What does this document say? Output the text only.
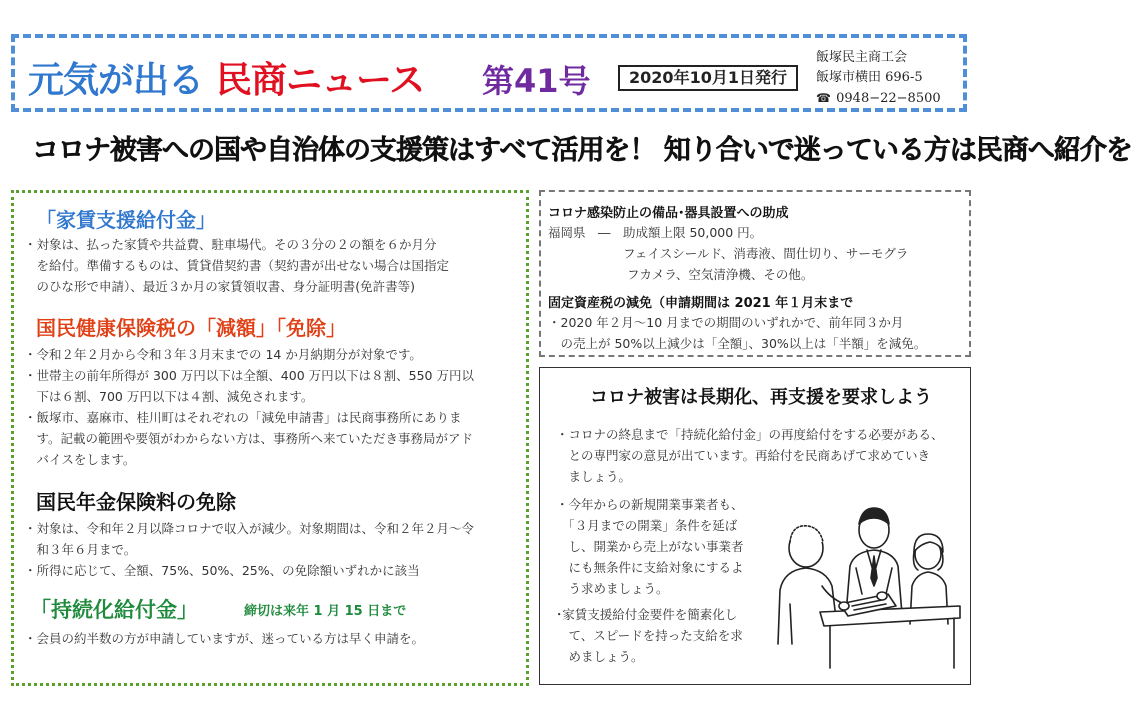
元気が出る 民商ニュース 第41号	2020年10月1日発行
飯塚民主商工会
飯塚市横田 696-5
☎ 0948−22−8500
コロナ被害への国や自治体の支援策はすべて活用を！ 知り合いで迷っている方は民商へ紹介を
「家賃支援給付金」

・対象は、払った家賃や共益費、駐車場代。その３分の２の額を６か月分

　を給付。準備するものは、賃貸借契約書（契約書が出せない場合は国指定

　のひな形で申請）、最近３か月の家賃領収書、身分証明書(免許書等)

国民健康保険税の「減額」「免除」

・令和２年２月から令和３年３月末までの 14 か月納期分が対象です。

・世帯主の前年所得が 300 万円以下は全額、400 万円以下は８割、550 万円以

　下は６割、700 万円以下は４割、減免されます。

・飯塚市、嘉麻市、桂川町はそれぞれの「減免申請書」は民商事務所にありま

　す。記載の範囲や要領がわからない方は、事務所へ来ていただき事務局がアド

　バイスをします。

国民年金保険料の免除

・対象は、令和年２月以降コロナで収入が減少。対象期間は、令和２年２月〜令

　和３年６月まで。

・所得に応じて、全額、75%、50%、25%、の免除額いずれかに該当

「持続化給付金」	締切は来年 1 月 15 日まで

・会員の約半数の方が申請していますが、迷っている方は早く申請を。

コロナ感染防止の備品･器具設置への助成
福岡県　―　助成額上限 50,000 円。
　　　　　　フェイスシールド、消毒液、間仕切り、サーモグラ
　　　　　　 フカメラ、空気清浄機、その他。
固定資産税の減免（申請期間は 2021 年１月末まで
・2020 年２月〜10 月までの期間のいずれかで、前年同３か月
　の売上が 50%以上減少は「全額」、30%以上は「半額」を減免。
コロナ被害は長期化、再支援を要求しよう

・コロナの終息まで「持続化給付金」の再度給付をする必要がある、

　との専門家の意見が出ています。再給付を民商あげて求めていき

　ましょう。

・今年からの新規開業事業者も、

　「３月までの開業」条件を延ば

　し、開業から売上がない事業者

　にも無条件に支給対象にするよ

　う求めましょう。

･家賃支援給付金要件を簡素化し

　て、スピードを持った支給を求

　めましょう。
